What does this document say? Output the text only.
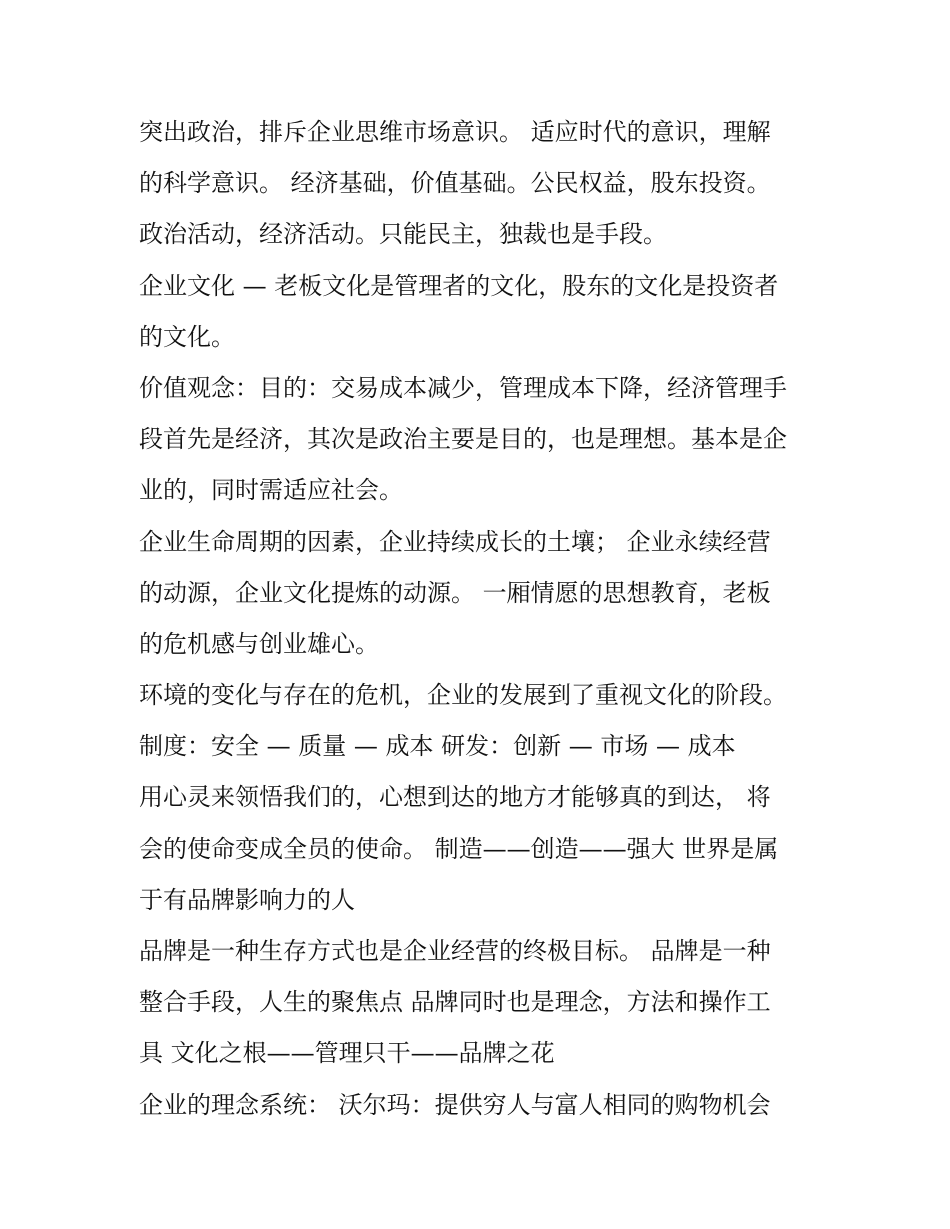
突出政治，排斥企业思维市场意识。 适应时代的意识，理解
的科学意识。 经济基础，价值基础。公民权益，股东投资。
政治活动，经济活动。只能民主，独裁也是手段。
企业文化 — 老板文化是管理者的文化，股东的文化是投资者
的文化。
价值观念：目的：交易成本减少，管理成本下降，经济管理手
段首先是经济，其次是政治主要是目的，也是理想。基本是企
业的，同时需适应社会。
企业生命周期的因素，企业持续成长的土壤； 企业永续经营
的动源，企业文化提炼的动源。 一厢情愿的思想教育，老板
的危机感与创业雄心。
环境的变化与存在的危机，企业的发展到了重视文化的阶段。
制度：安全 — 质量 — 成本 研发：创新 — 市场 — 成本
用心灵来领悟我们的，心想到达的地方才能够真的到达， 将
会的使命变成全员的使命。 制造——创造——强大 世界是属
于有品牌影响力的人
品牌是一种生存方式也是企业经营的终极目标。 品牌是一种
整合手段，人生的聚焦点 品牌同时也是理念，方法和操作工
具 文化之根——管理只干——品牌之花
企业的理念系统： 沃尔玛：提供穷人与富人相同的购物机会
